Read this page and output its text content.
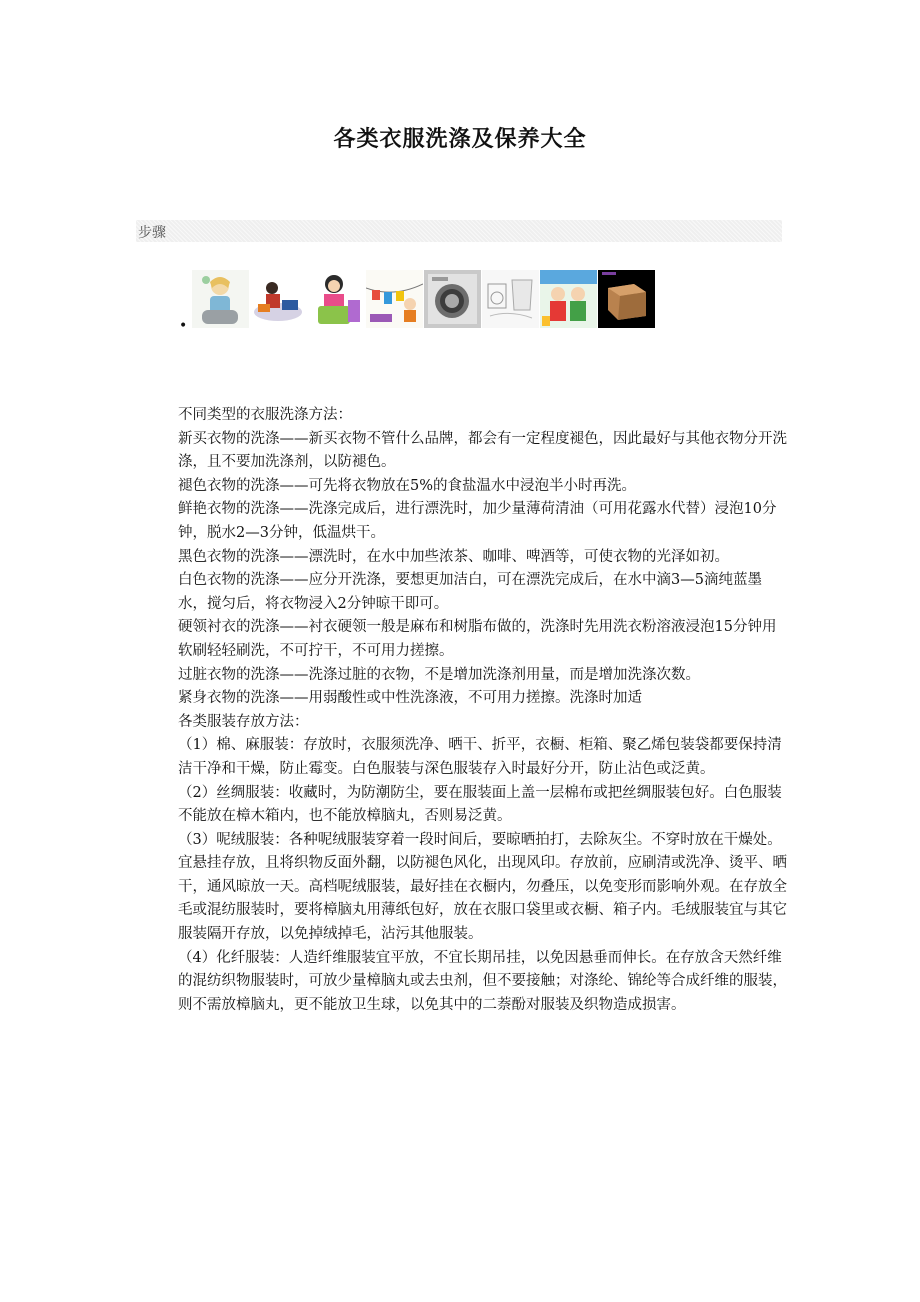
各类衣服洗涤及保养大全
步骤
•

不同类型的衣服洗涤方法：

新买衣物的洗涤——新买衣物不管什么品牌，都会有一定程度褪色，因此最好与其他衣物分开洗涤，且不要加洗涤剂，以防褪色。

褪色衣物的洗涤——可先将衣物放在5%的食盐温水中浸泡半小时再洗。

鲜艳衣物的洗涤——洗涤完成后，进行漂洗时，加少量薄荷清油（可用花露水代替）浸泡10分钟，脱水2—3分钟，低温烘干。

黑色衣物的洗涤——漂洗时，在水中加些浓茶、咖啡、啤酒等，可使衣物的光泽如初。

白色衣物的洗涤——应分开洗涤，要想更加洁白，可在漂洗完成后，在水中滴3—5滴纯蓝墨水，搅匀后，将衣物浸入2分钟晾干即可。

硬领衬衣的洗涤——衬衣硬领一般是麻布和树脂布做的，洗涤时先用洗衣粉溶液浸泡15分钟用软刷轻轻刷洗，不可拧干，不可用力搓擦。

过脏衣物的洗涤——洗涤过脏的衣物，不是增加洗涤剂用量，而是增加洗涤次数。

紧身衣物的洗涤——用弱酸性或中性洗涤液，不可用力搓擦。洗涤时加适

各类服装存放方法：

（1）棉、麻服装：存放时，衣服须洗净、晒干、折平，衣橱、柜箱、聚乙烯包装袋都要保持清洁干净和干燥，防止霉变。白色服装与深色服装存入时最好分开，防止沾色或泛黄。

（2）丝绸服装：收藏时，为防潮防尘，要在服装面上盖一层棉布或把丝绸服装包好。白色服装不能放在樟木箱内，也不能放樟脑丸，否则易泛黄。

（3）呢绒服装：各种呢绒服装穿着一段时间后，要晾晒拍打，去除灰尘。不穿时放在干燥处。宜悬挂存放，且将织物反面外翻，以防褪色风化，出现风印。存放前，应刷清或洗净、烫平、晒干，通风晾放一天。高档呢绒服装，最好挂在衣橱内，勿叠压，以免变形而影响外观。在存放全毛或混纺服装时，要将樟脑丸用薄纸包好，放在衣服口袋里或衣橱、箱子内。毛绒服装宜与其它服装隔开存放，以免掉绒掉毛，沾污其他服装。

（4）化纤服装：人造纤维服装宜平放，不宜长期吊挂，以免因悬垂而伸长。在存放含天然纤维的混纺织物服装时，可放少量樟脑丸或去虫剂，但不要接触；对涤纶、锦纶等合成纤维的服装，则不需放樟脑丸，更不能放卫生球，以免其中的二萘酚对服装及织物造成损害。
